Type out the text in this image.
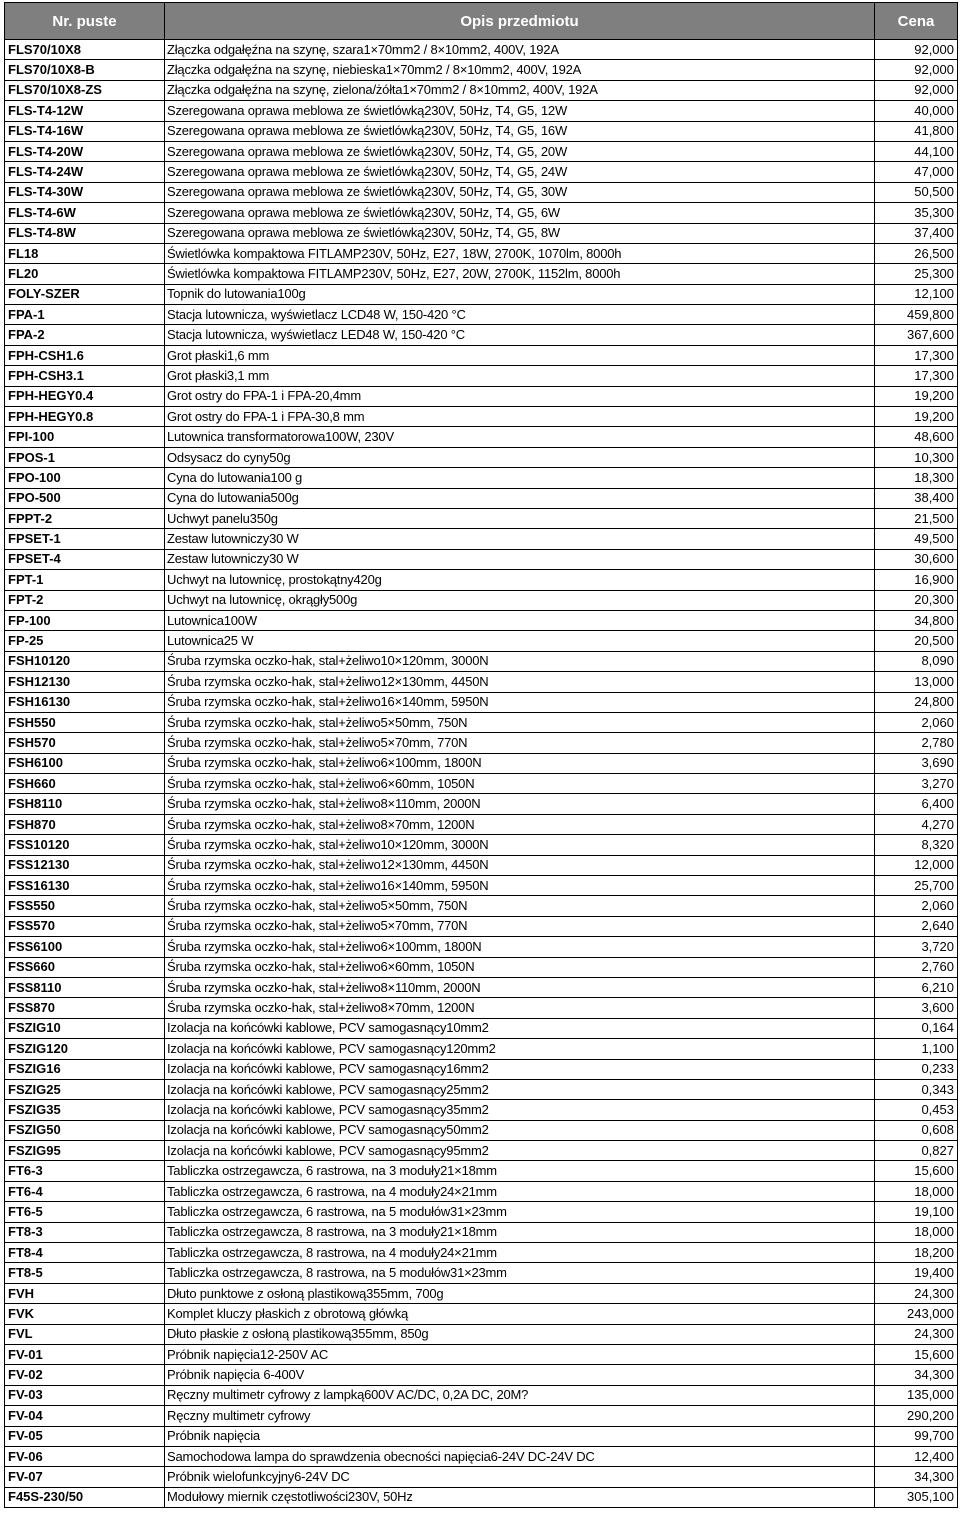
Nr. puste	Opis przedmiotu	Cena
FLS70/10X8	Złączka odgałęźna na szynę, szara1×70mm2 / 8×10mm2, 400V, 192A	92,000
FLS70/10X8-B	Złączka odgałęźna na szynę, niebieska1×70mm2 / 8×10mm2, 400V, 192A	92,000
FLS70/10X8-ZS	Złączka odgałęźna na szynę, zielona/żółta1×70mm2 / 8×10mm2, 400V, 192A	92,000
FLS-T4-12W	Szeregowana oprawa meblowa ze świetlówką230V, 50Hz, T4, G5, 12W	40,000
FLS-T4-16W	Szeregowana oprawa meblowa ze świetlówką230V, 50Hz, T4, G5, 16W	41,800
FLS-T4-20W	Szeregowana oprawa meblowa ze świetlówką230V, 50Hz, T4, G5, 20W	44,100
FLS-T4-24W	Szeregowana oprawa meblowa ze świetlówką230V, 50Hz, T4, G5, 24W	47,000
FLS-T4-30W	Szeregowana oprawa meblowa ze świetlówką230V, 50Hz, T4, G5, 30W	50,500
FLS-T4-6W	Szeregowana oprawa meblowa ze świetlówką230V, 50Hz, T4, G5, 6W	35,300
FLS-T4-8W	Szeregowana oprawa meblowa ze świetlówką230V, 50Hz, T4, G5, 8W	37,400
FL18	Świetlówka kompaktowa FITLAMP230V, 50Hz, E27, 18W, 2700K, 1070lm, 8000h	26,500
FL20	Świetlówka kompaktowa FITLAMP230V, 50Hz, E27, 20W, 2700K, 1152lm, 8000h	25,300
FOLY-SZER	Topnik do lutowania100g	12,100
FPA-1	Stacja lutownicza, wyświetlacz LCD48 W, 150-420 °C	459,800
FPA-2	Stacja lutownicza, wyświetlacz LED48 W, 150-420 °C	367,600
FPH-CSH1.6	Grot płaski1,6 mm	17,300
FPH-CSH3.1	Grot płaski3,1 mm	17,300
FPH-HEGY0.4	Grot ostry do FPA-1 i FPA-20,4mm	19,200
FPH-HEGY0.8	Grot ostry do FPA-1 i FPA-30,8 mm	19,200
FPI-100	Lutownica transformatorowa100W, 230V	48,600
FPOS-1	Odsysacz do cyny50g	10,300
FPO-100	Cyna do lutowania100 g	18,300
FPO-500	Cyna do lutowania500g	38,400
FPPT-2	Uchwyt panelu350g	21,500
FPSET-1	Zestaw lutowniczy30 W	49,500
FPSET-4	Zestaw lutowniczy30 W	30,600
FPT-1	Uchwyt na lutownicę, prostokątny420g	16,900
FPT-2	Uchwyt na lutownicę, okrągły500g	20,300
FP-100	Lutownica100W	34,800
FP-25	Lutownica25 W	20,500
FSH10120	Śruba rzymska oczko-hak, stal+żeliwo10×120mm, 3000N	8,090
FSH12130	Śruba rzymska oczko-hak, stal+żeliwo12×130mm, 4450N	13,000
FSH16130	Śruba rzymska oczko-hak, stal+żeliwo16×140mm, 5950N	24,800
FSH550	Śruba rzymska oczko-hak, stal+żeliwo5×50mm, 750N	2,060
FSH570	Śruba rzymska oczko-hak, stal+żeliwo5×70mm, 770N	2,780
FSH6100	Śruba rzymska oczko-hak, stal+żeliwo6×100mm, 1800N	3,690
FSH660	Śruba rzymska oczko-hak, stal+żeliwo6×60mm, 1050N	3,270
FSH8110	Śruba rzymska oczko-hak, stal+żeliwo8×110mm, 2000N	6,400
FSH870	Śruba rzymska oczko-hak, stal+żeliwo8×70mm, 1200N	4,270
FSS10120	Śruba rzymska oczko-hak, stal+żeliwo10×120mm, 3000N	8,320
FSS12130	Śruba rzymska oczko-hak, stal+żeliwo12×130mm, 4450N	12,000
FSS16130	Śruba rzymska oczko-hak, stal+żeliwo16×140mm, 5950N	25,700
FSS550	Śruba rzymska oczko-hak, stal+żeliwo5×50mm, 750N	2,060
FSS570	Śruba rzymska oczko-hak, stal+żeliwo5×70mm, 770N	2,640
FSS6100	Śruba rzymska oczko-hak, stal+żeliwo6×100mm, 1800N	3,720
FSS660	Śruba rzymska oczko-hak, stal+żeliwo6×60mm, 1050N	2,760
FSS8110	Śruba rzymska oczko-hak, stal+żeliwo8×110mm, 2000N	6,210
FSS870	Śruba rzymska oczko-hak, stal+żeliwo8×70mm, 1200N	3,600
FSZIG10	Izolacja na końcówki kablowe, PCV samogasnący10mm2	0,164
FSZIG120	Izolacja na końcówki kablowe, PCV samogasnący120mm2	1,100
FSZIG16	Izolacja na końcówki kablowe, PCV samogasnący16mm2	0,233
FSZIG25	Izolacja na końcówki kablowe, PCV samogasnący25mm2	0,343
FSZIG35	Izolacja na końcówki kablowe, PCV samogasnący35mm2	0,453
FSZIG50	Izolacja na końcówki kablowe, PCV samogasnący50mm2	0,608
FSZIG95	Izolacja na końcówki kablowe, PCV samogasnący95mm2	0,827
FT6-3	Tabliczka ostrzegawcza, 6 rastrowa, na 3 moduły21×18mm	15,600
FT6-4	Tabliczka ostrzegawcza, 6 rastrowa, na 4 moduły24×21mm	18,000
FT6-5	Tabliczka ostrzegawcza, 6 rastrowa, na 5 modułów31×23mm	19,100
FT8-3	Tabliczka ostrzegawcza, 8 rastrowa, na 3 moduły21×18mm	18,000
FT8-4	Tabliczka ostrzegawcza, 8 rastrowa, na 4 moduły24×21mm	18,200
FT8-5	Tabliczka ostrzegawcza, 8 rastrowa, na 5 modułów31×23mm	19,400
FVH	Dłuto punktowe z osłoną plastikową355mm, 700g	24,300
FVK	Komplet kluczy płaskich z obrotową główką	243,000
FVL	Dłuto płaskie z osłoną plastikową355mm, 850g	24,300
FV-01	Próbnik napięcia12-250V AC	15,600
FV-02	Próbnik napięcia 6-400V	34,300
FV-03	Ręczny multimetr cyfrowy z lampką600V AC/DC, 0,2A DC, 20M?	135,000
FV-04	Ręczny multimetr cyfrowy	290,200
FV-05	Próbnik napięcia	99,700
FV-06	Samochodowa lampa do sprawdzenia obecności napięcia6-24V DC-24V DC	12,400
FV-07	Próbnik wielofunkcyjny6-24V DC	34,300
F45S-230/50	Modułowy miernik częstotliwości230V, 50Hz	305,100
